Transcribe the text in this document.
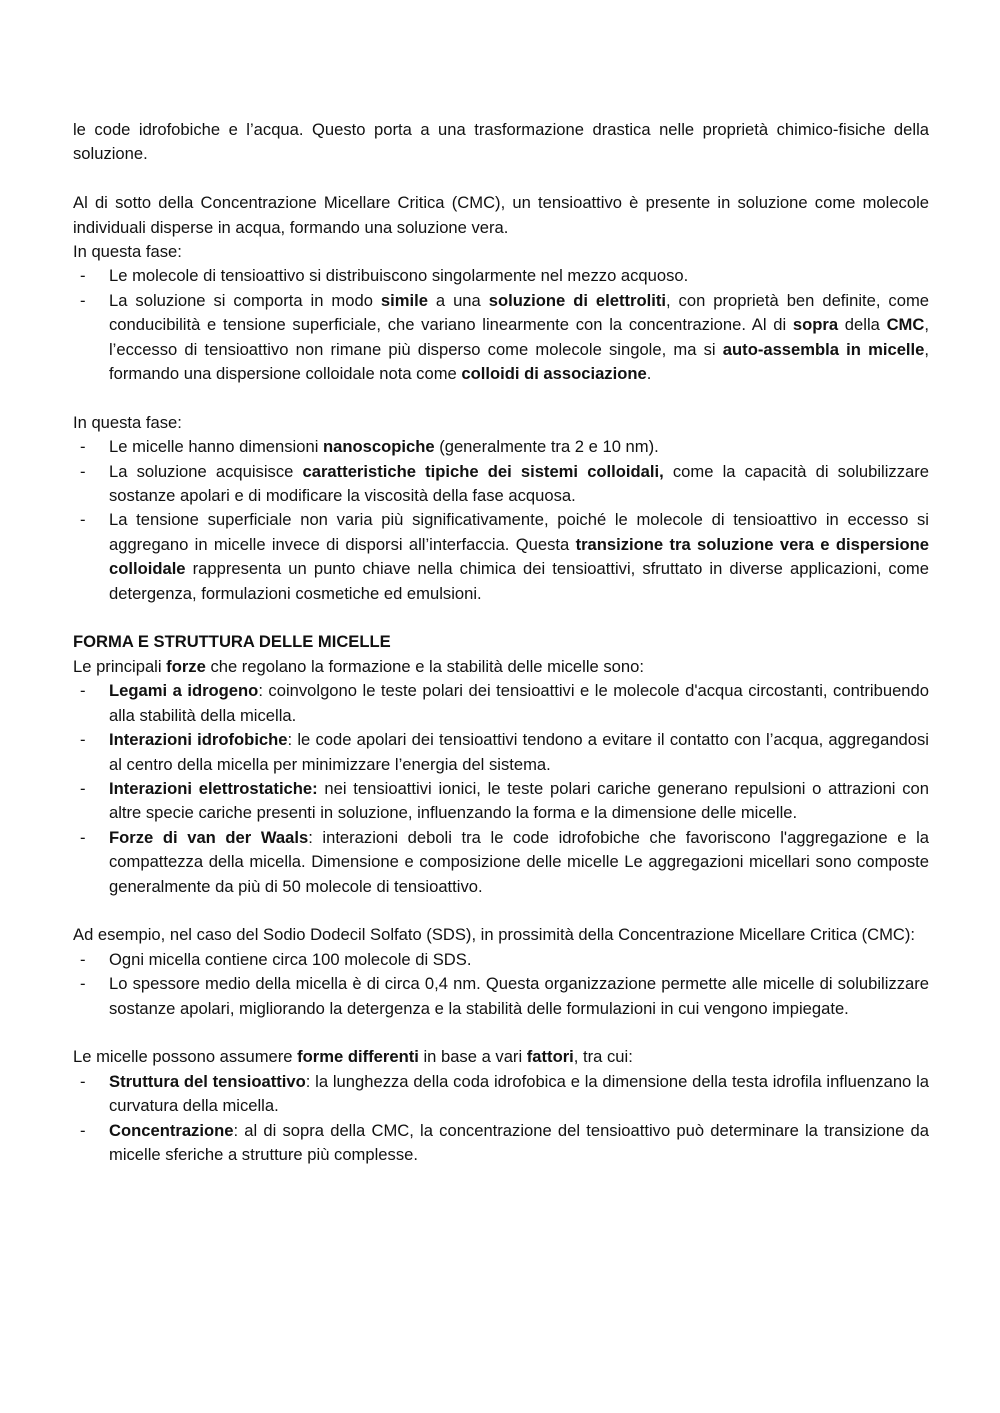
le code idrofobiche e l’acqua. Questo porta a una trasformazione drastica nelle proprietà chimico-fisiche della soluzione.

Al di sotto della Concentrazione Micellare Critica (CMC), un tensioattivo è presente in soluzione come molecole individuali disperse in acqua, formando una soluzione vera.

In questa fase:

- Le molecole di tensioattivo si distribuiscono singolarmente nel mezzo acquoso.
- La soluzione si comporta in modo simile a una soluzione di elettroliti, con proprietà ben definite, come conducibilità e tensione superficiale, che variano linearmente con la concentrazione. Al di sopra della CMC, l’eccesso di tensioattivo non rimane più disperso come molecole singole, ma si auto-assembla in micelle, formando una dispersione colloidale nota come colloidi di associazione.

In questa fase:

- Le micelle hanno dimensioni nanoscopiche (generalmente tra 2 e 10 nm).
- La soluzione acquisisce caratteristiche tipiche dei sistemi colloidali, come la capacità di solubilizzare sostanze apolari e di modificare la viscosità della fase acquosa.
- La tensione superficiale non varia più significativamente, poiché le molecole di tensioattivo in eccesso si aggregano in micelle invece di disporsi all’interfaccia. Questa transizione tra soluzione vera e dispersione colloidale rappresenta un punto chiave nella chimica dei tensioattivi, sfruttato in diverse applicazioni, come detergenza, formulazioni cosmetiche ed emulsioni.

FORMA E STRUTTURA DELLE MICELLE

Le principali forze che regolano la formazione e la stabilità delle micelle sono:

- Legami a idrogeno: coinvolgono le teste polari dei tensioattivi e le molecole d'acqua circostanti, contribuendo alla stabilità della micella.
- Interazioni idrofobiche: le code apolari dei tensioattivi tendono a evitare il contatto con l’acqua, aggregandosi al centro della micella per minimizzare l’energia del sistema.
- Interazioni elettrostatiche: nei tensioattivi ionici, le teste polari cariche generano repulsioni o attrazioni con altre specie cariche presenti in soluzione, influenzando la forma e la dimensione delle micelle.
- Forze di van der Waals: interazioni deboli tra le code idrofobiche che favoriscono l'aggregazione e la compattezza della micella. Dimensione e composizione delle micelle Le aggregazioni micellari sono composte generalmente da più di 50 molecole di tensioattivo.

Ad esempio, nel caso del Sodio Dodecil Solfato (SDS), in prossimità della Concentrazione Micellare Critica (CMC):

- Ogni micella contiene circa 100 molecole di SDS.
- Lo spessore medio della micella è di circa 0,4 nm. Questa organizzazione permette alle micelle di solubilizzare sostanze apolari, migliorando la detergenza e la stabilità delle formulazioni in cui vengono impiegate.

Le micelle possono assumere forme differenti in base a vari fattori, tra cui:

- Struttura del tensioattivo: la lunghezza della coda idrofobica e la dimensione della testa idrofila influenzano la curvatura della micella.
- Concentrazione: al di sopra della CMC, la concentrazione del tensioattivo può determinare la transizione da micelle sferiche a strutture più complesse.
